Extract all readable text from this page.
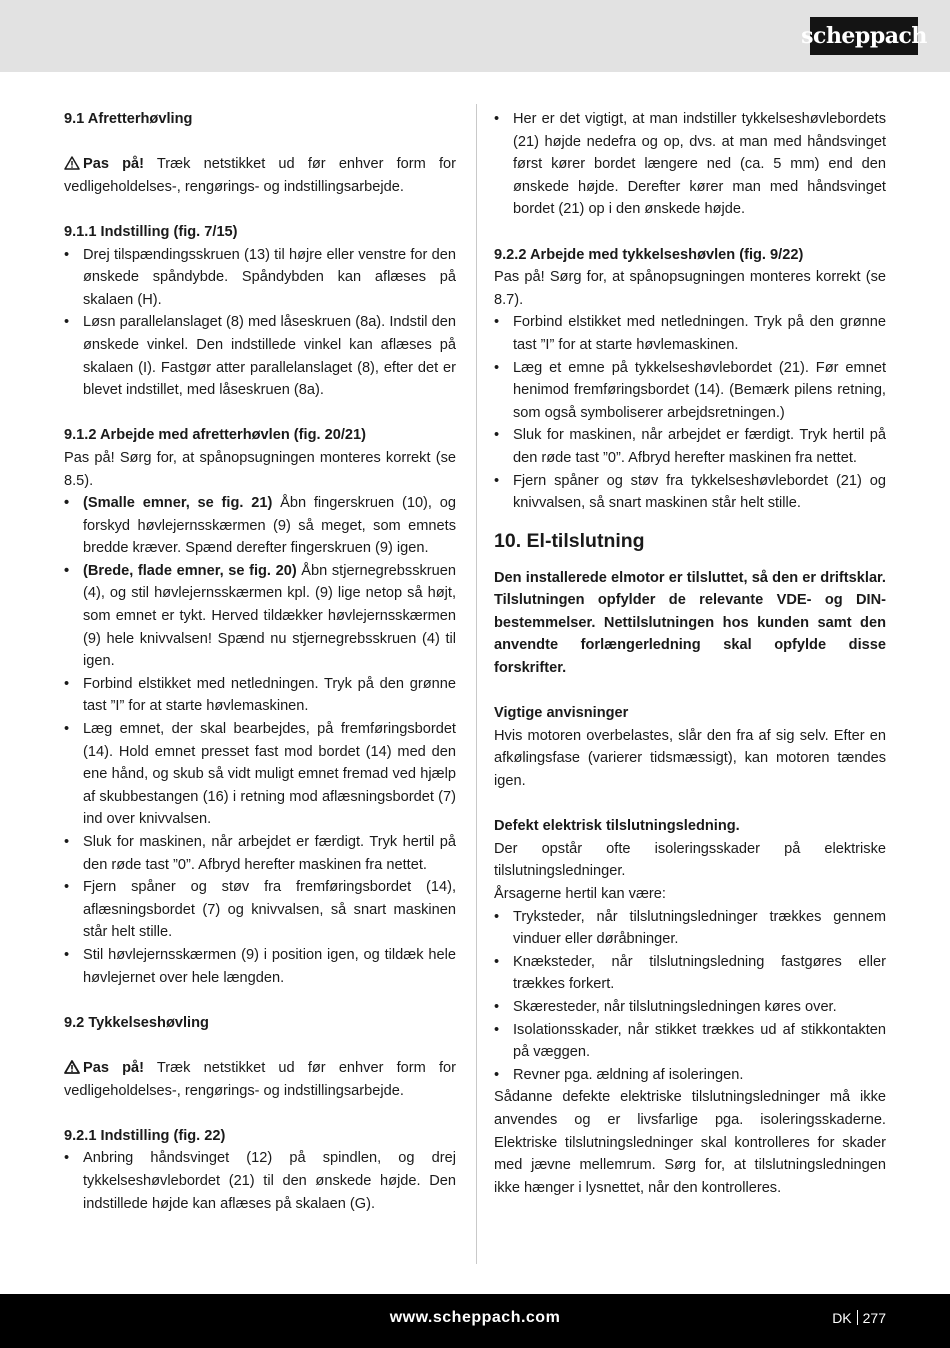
scheppach
9.1 Afretterhøvling

Pas på! Træk netstikket ud før enhver form for vedligeholdelses-, rengørings- og indstillingsarbejde.

9.1.1 Indstilling (fig. 7/15)
• Drej tilspændingsskruen (13) til højre eller venstre for den ønskede spåndybde. Spåndybden kan aflæses på skalaen (H).
• Løsn parallelanslaget (8) med låseskruen (8a). Indstil den ønskede vinkel. Den indstillede vinkel kan aflæses på skalaen (I). Fastgør atter parallelanslaget (8), efter det er blevet indstillet, med låseskruen (8a).
9.1.2 Arbejde med afretterhøvlen (fig. 20/21)

Pas på! Sørg for, at spånopsugningen monteres korrekt (se 8.5).

• (Smalle emner, se fig. 21) Åbn fingerskruen (10), og forskyd høvlejernsskærmen (9) så meget, som emnets bredde kræver. Spænd derefter fingerskruen (9) igen.
• (Brede, flade emner, se fig. 20) Åbn stjernegrebsskruen (4), og stil høvlejernsskærmen kpl. (9) lige netop så højt, som emnet er tykt. Herved tildækker høvlejernsskærmen (9) hele knivvalsen! Spænd nu stjernegrebsskruen (4) til igen.
• Forbind elstikket med netledningen. Tryk på den grønne tast ”I” for at starte høvlemaskinen.
• Læg emnet, der skal bearbejdes, på fremføringsbordet (14). Hold emnet presset fast mod bordet (14) med den ene hånd, og skub så vidt muligt emnet fremad ved hjælp af skubbestangen (16) i retning mod aflæsningsbordet (7) ind over knivvalsen.
• Sluk for maskinen, når arbejdet er færdigt. Tryk hertil på den røde tast ”0”. Afbryd herefter maskinen fra nettet.
• Fjern spåner og støv fra fremføringsbordet (14), aflæsningsbordet (7) og knivvalsen, så snart maskinen står helt stille.
• Stil høvlejernsskærmen (9) i position igen, og tildæk hele høvlejernet over hele længden.
9.2 Tykkelseshøvling

Pas på! Træk netstikket ud før enhver form for vedligeholdelses-, rengørings- og indstillingsarbejde.

9.2.1 Indstilling (fig. 22)
• Anbring håndsvinget (12) på spindlen, og drej tykkelseshøvlebordet (21) til den ønskede højde. Den indstillede højde kan aflæses på skalaen (G).
• Her er det vigtigt, at man indstiller tykkelseshøvlebordets (21) højde nedefra og op, dvs. at man med håndsvinget først kører bordet længere ned (ca. 5 mm) end den ønskede højde. Derefter kører man med håndsvinget bordet (21) op i den ønskede højde.
9.2.2 Arbejde med tykkelseshøvlen (fig. 9/22)

Pas på! Sørg for, at spånopsugningen monteres korrekt (se 8.7).

• Forbind elstikket med netledningen. Tryk på den grønne tast ”I” for at starte høvlemaskinen.
• Læg et emne på tykkelseshøvlebordet (21). Før emnet henimod fremføringsbordet (14). (Bemærk pilens retning, som også symboliserer arbejdsretningen.)
• Sluk for maskinen, når arbejdet er færdigt. Tryk hertil på den røde tast ”0”. Afbryd herefter maskinen fra nettet.
• Fjern spåner og støv fra tykkelseshøvlebordet (21) og knivvalsen, så snart maskinen står helt stille.
10. El-tilslutning

Den installerede elmotor er tilsluttet, så den er driftsklar. Tilslutningen opfylder de relevante VDE- og DIN-bestemmelser. Nettilslutningen hos kunden samt den anvendte forlængerledning skal opfylde disse forskrifter.

Vigtige anvisninger

Hvis motoren overbelastes, slår den fra af sig selv. Efter en afkølingsfase (varierer tidsmæssigt), kan motoren tændes igen.

Defekt elektrisk tilslutningsledning.

Der opstår ofte isoleringsskader på elektriske tilslutningsledninger.

Årsagerne hertil kan være:

• Tryksteder, når tilslutningsledninger trækkes gennem vinduer eller døråbninger.
• Knæksteder, når tilslutningsledning fastgøres eller trækkes forkert.
• Skæresteder, når tilslutningsledningen køres over.
• Isolationsskader, når stikket trækkes ud af stikkontakten på væggen.
• Revner pga. ældning af isoleringen.

Sådanne defekte elektriske tilslutningsledninger må ikke anvendes og er livsfarlige pga. isoleringsskaderne. Elektriske tilslutningsledninger skal kontrolleres for skader med jævne mellemrum. Sørg for, at tilslutningsledningen ikke hænger i lysnettet, når den kontrolleres.

www.scheppach.com	DK 277
